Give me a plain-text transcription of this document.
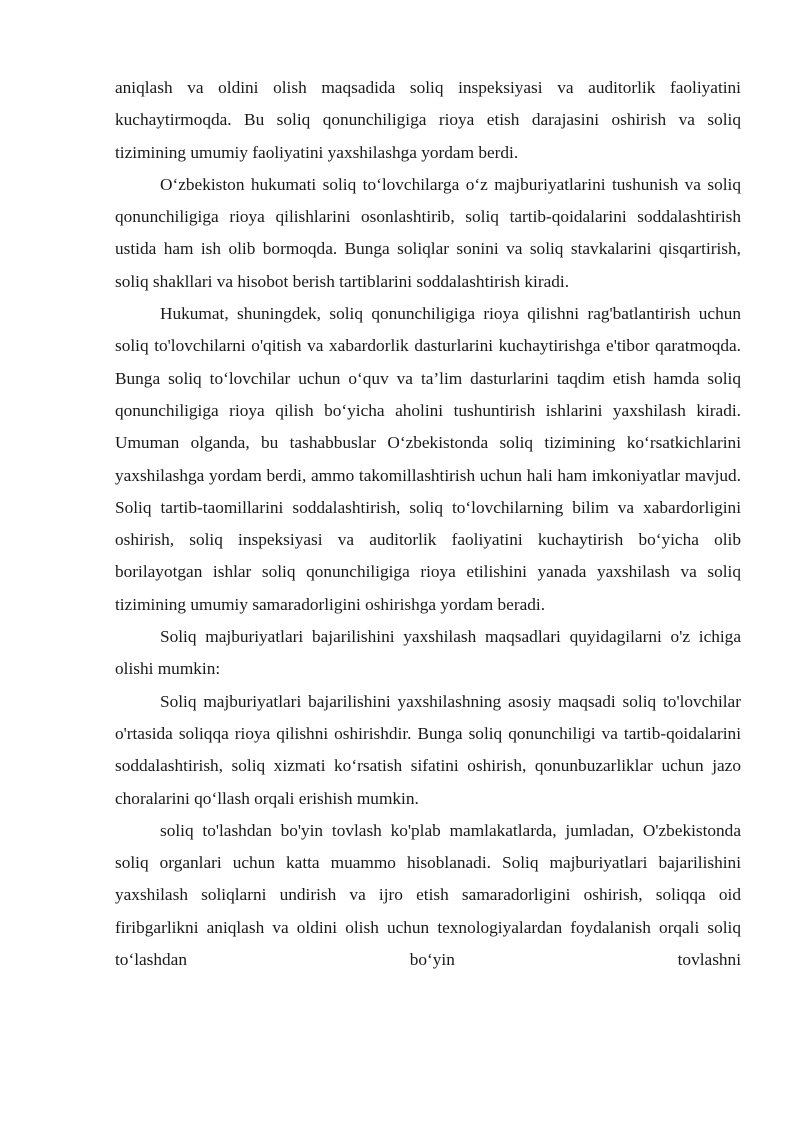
aniqlash va oldini olish maqsadida soliq inspeksiyasi va auditorlik faoliyatini kuchaytirmoqda. Bu soliq qonunchiligiga rioya etish darajasini oshirish va soliq tizimining umumiy faoliyatini yaxshilashga yordam berdi.

O‘zbekiston hukumati soliq to‘lovchilarga o‘z majburiyatlarini tushunish va soliq qonunchiligiga rioya qilishlarini osonlashtirib, soliq tartib-qoidalarini soddalashtirish ustida ham ish olib bormoqda. Bunga soliqlar sonini va soliq stavkalarini qisqartirish, soliq shakllari va hisobot berish tartiblarini soddalashtirish kiradi.

Hukumat, shuningdek, soliq qonunchiligiga rioya qilishni rag'batlantirish uchun soliq to'lovchilarni o'qitish va xabardorlik dasturlarini kuchaytirishga e'tibor qaratmoqda. Bunga soliq to‘lovchilar uchun o‘quv va ta’lim dasturlarini taqdim etish hamda soliq qonunchiligiga rioya qilish bo‘yicha aholini tushuntirish ishlarini yaxshilash kiradi. Umuman olganda, bu tashabbuslar O‘zbekistonda soliq tizimining ko‘rsatkichlarini yaxshilashga yordam berdi, ammo takomillashtirish uchun hali ham imkoniyatlar mavjud. Soliq tartib-taomillarini soddalashtirish, soliq to‘lovchilarning bilim va xabardorligini oshirish, soliq inspeksiyasi va auditorlik faoliyatini kuchaytirish bo‘yicha olib borilayotgan ishlar soliq qonunchiligiga rioya etilishini yanada yaxshilash va soliq tizimining umumiy samaradorligini oshirishga yordam beradi.

Soliq majburiyatlari bajarilishini yaxshilash maqsadlari quyidagilarni o'z ichiga olishi mumkin:

Soliq majburiyatlari bajarilishini yaxshilashning asosiy maqsadi soliq to'lovchilar o'rtasida soliqqa rioya qilishni oshirishdir. Bunga soliq qonunchiligi va tartib-qoidalarini soddalashtirish, soliq xizmati ko‘rsatish sifatini oshirish, qonunbuzarliklar uchun jazo choralarini qo‘llash orqali erishish mumkin.

soliq to'lashdan bo'yin tovlash ko'plab mamlakatlarda, jumladan, O'zbekistonda soliq organlari uchun katta muammo hisoblanadi. Soliq majburiyatlari bajarilishini yaxshilash soliqlarni undirish va ijro etish samaradorligini oshirish, soliqqa oid firibgarlikni aniqlash va oldini olish uchun texnologiyalardan foydalanish orqali soliq to‘lashdan bo‘yin tovlashni
